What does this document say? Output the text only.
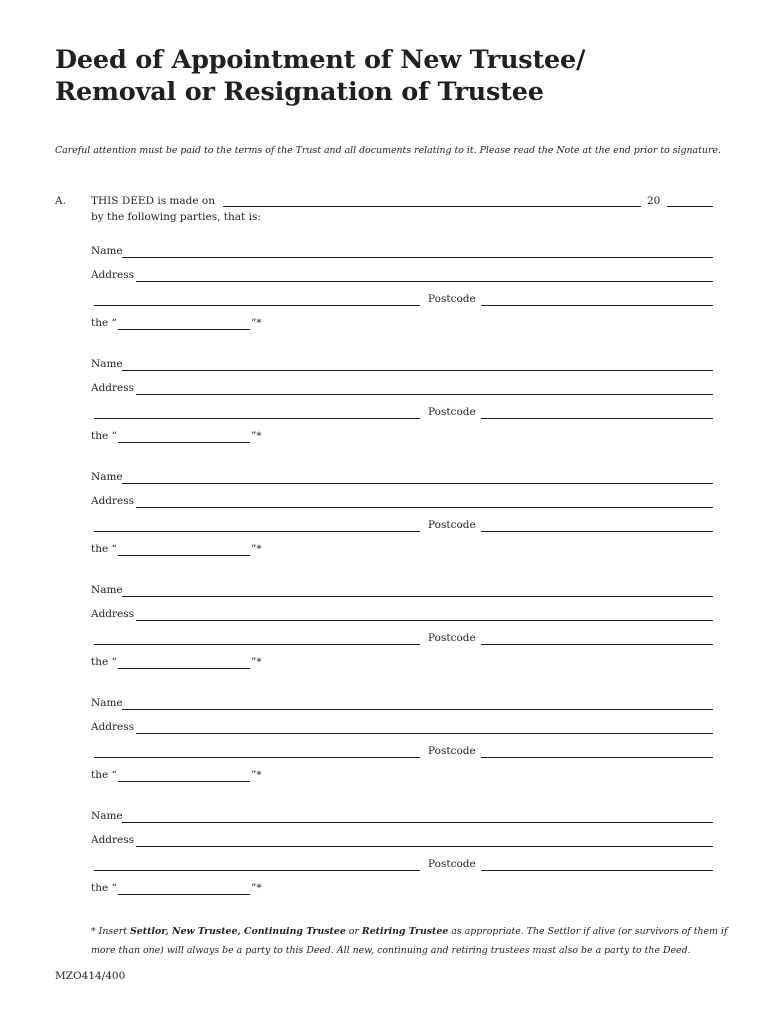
Deed of Appointment of New Trustee/
Removal or Resignation of Trustee
Careful attention must be paid to the terms of the Trust and all documents relating to it. Please read the Note at the end prior to signature.
A. THIS DEED is made on	20
by the following parties, that is:
Name
Address
Postcode
the “	”*
Name
Address
Postcode
the “	”*
Name
Address
Postcode
the “	”*
Name
Address
Postcode
the “	”*
Name
Address
Postcode
the “	”*
Name
Address
Postcode
the “	”*
* Insert Settlor, New Trustee, Continuing Trustee or Retiring Trustee as appropriate. The Settlor if alive (or survivors of them if more than one) will always be a party to this Deed. All new, continuing and retiring trustees must also be a party to the Deed.
MZO414/400
